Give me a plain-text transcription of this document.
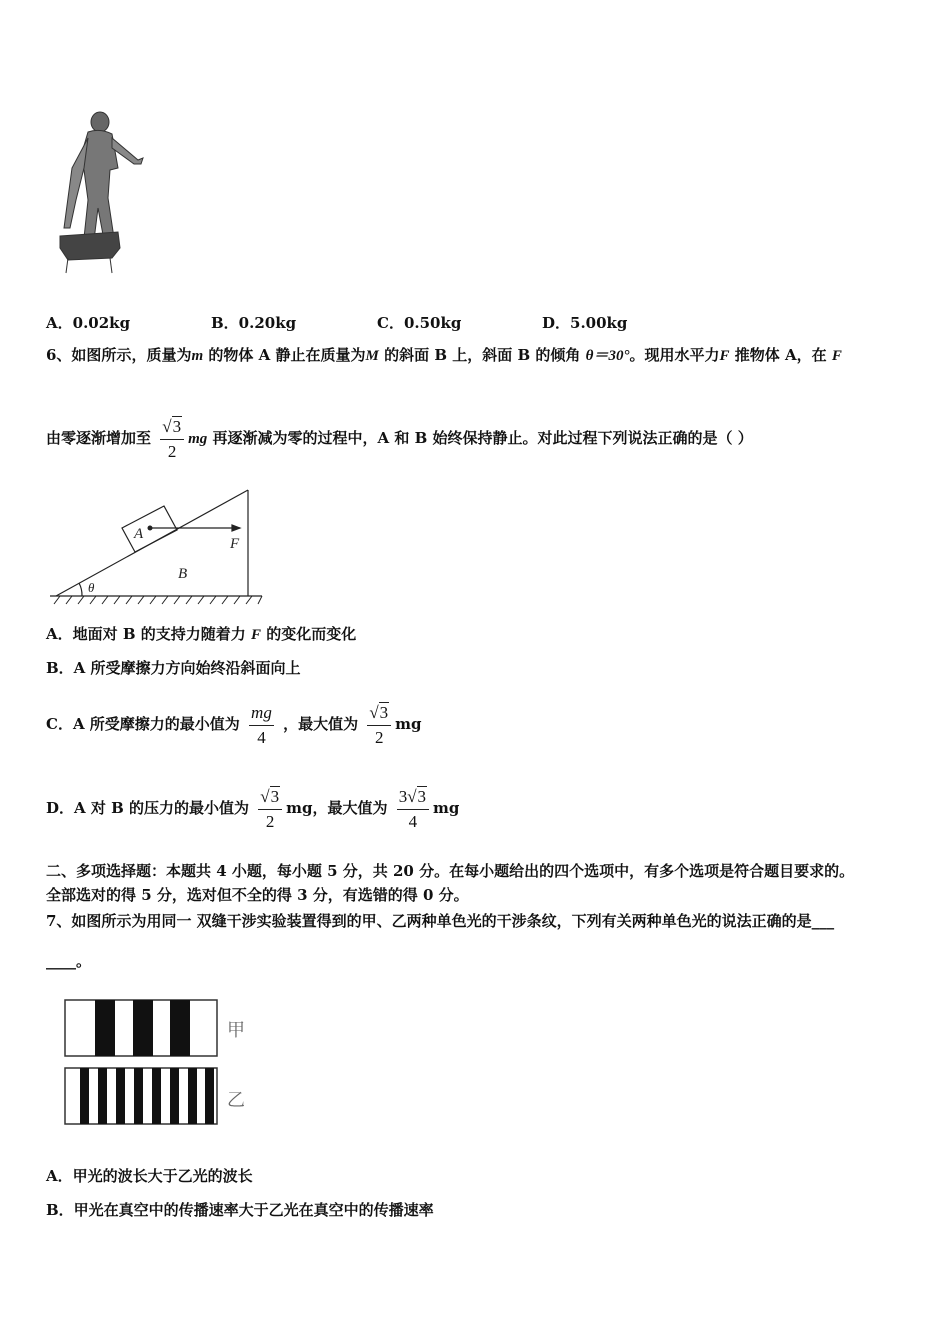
A．0.02kg	B．0.20kg	C．0.50kg	D．5.00kg
6、如图所示，质量为m 的物体 A 静止在质量为M 的斜面 B 上，斜面 B 的倾角 θ＝30°。现用水平力F 推物体 A，在 F
由零逐渐增加至 $\frac{√3}{2}$ mg 再逐渐减为零的过程中，A 和 B 始终保持静止。对此过程下列说法正确的是（ ）
A
F
B
θ
A．地面对 B 的支持力随着力 F 的变化而变化
B．A 所受摩擦力方向始终沿斜面向上
C．A 所受摩擦力的最小值为 $\frac{mg}{4}$ ，最大值为 $\frac{√3}{2}$ mg
D．A 对 B 的压力的最小值为 $\frac{√3}{2}$ mg，最大值为 $\frac{3√3}{4}$ mg
二、多项选择题：本题共 4 小题，每小题 5 分，共 20 分。在每小题给出的四个选项中，有多个选项是符合题目要求的。
全部选对的得 5 分，选对但不全的得 3 分，有选错的得 0 分。
7、如图所示为用同一 双缝干涉实验装置得到的甲、乙两种单色光的干涉条纹，下列有关两种单色光的说法正确的是___
____。
甲
乙
A．甲光的波长大于乙光的波长
B．甲光在真空中的传播速率大于乙光在真空中的传播速率
